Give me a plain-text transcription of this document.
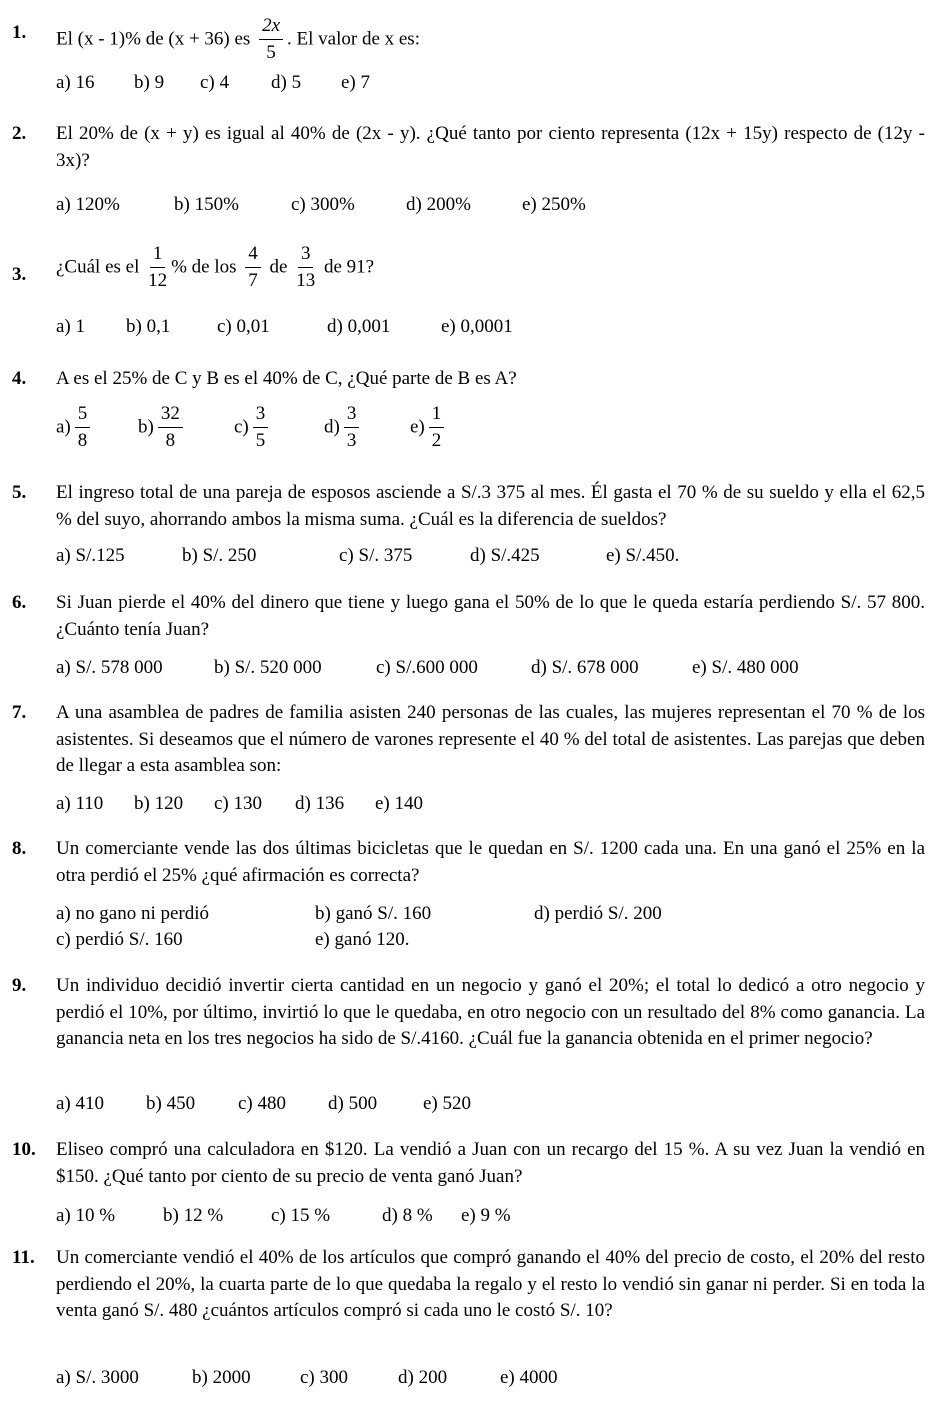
1. El (x - 1)% de (x + 36) es $\frac{2x}{5}$ . El valor de x es:
a) 16 b) 9 c) 4 d) 5 e) 7
2. El 20% de (x + y) es igual al 40% de (2x - y). ¿Qué tanto por ciento representa (12x + 15y) respecto de (12y - 3x)?
a) 120%	b) 150%	c) 300%	d) 200%	e) 250%
3. ¿Cuál es el $\frac{1}{12}$ % de los $\frac{4}{7}$ de $\frac{3}{13}$ de 91?
a) 1 b) 0,1 c) 0,01	d) 0,001	e) 0,0001
4. A es el 25% de C y B es el 40% de C, ¿Qué parte de B es A?
$a) \frac{5}{8}$	$b) \frac{32}{8}$	$c) \frac{3}{5}$	$d) \frac{3}{3}$	$e) \frac{1}{2}$
5. El ingreso total de una pareja de esposos asciende a S/.3 375 al mes. Él gasta el 70 % de su sueldo y ella el 62,5 % del suyo, ahorrando ambos la misma suma. ¿Cuál es la diferencia de sueldos?
a) S/.125	b) S/. 250	c) S/. 375	d) S/.425	e) S/.450.
6. Si Juan pierde el 40% del dinero que tiene y luego gana el 50% de lo que le queda estaría perdiendo S/. 57 800. ¿Cuánto tenía Juan?
a) S/. 578 000	b) S/. 520 000	c) S/.600 000	d) S/. 678 000	e) S/. 480 000
7. A una asamblea de padres de familia asisten 240 personas de las cuales, las mujeres representan el 70 % de los asistentes. Si deseamos que el número de varones represente el 40 % del total de asistentes. Las parejas que deben de llegar a esta asamblea son:
a) 110 b) 120 c) 130 d) 136 e) 140
8. Un comerciante vende las dos últimas bicicletas que le quedan en S/. 1200 cada una. En una ganó el 25% en la otra perdió el 25% ¿qué afirmación es correcta?
a) no gano ni perdió	b) ganó S/. 160	d) perdió S/. 200
c) perdió S/. 160	e) ganó 120.
9. Un individuo decidió invertir cierta cantidad en un negocio y ganó el 20%; el total lo dedicó a otro negocio y perdió el 10%, por último, invirtió lo que le quedaba, en otro negocio con un resultado del 8% como ganancia. La ganancia neta en los tres negocios ha sido de S/.4160. ¿Cuál fue la ganancia obtenida en el primer negocio?
a) 410 b) 450 c) 480 d) 500 e) 520
10. Eliseo compró una calculadora en $120. La vendió a Juan con un recargo del 15 %. A su vez Juan la vendió en $150. ¿Qué tanto por ciento de su precio de venta ganó Juan?
a) 10 %	b) 12 %	c) 15 %	d) 8 % e) 9 %
11. Un comerciante vendió el 40% de los artículos que compró ganando el 40% del precio de costo, el 20% del resto perdiendo el 20%, la cuarta parte de lo que quedaba la regalo y el resto lo vendió sin ganar ni perder. Si en toda la venta ganó S/. 480 ¿cuántos artículos compró si cada uno le costó S/. 10?
a) S/. 3000	b) 2000	c) 300	d) 200	e) 4000
